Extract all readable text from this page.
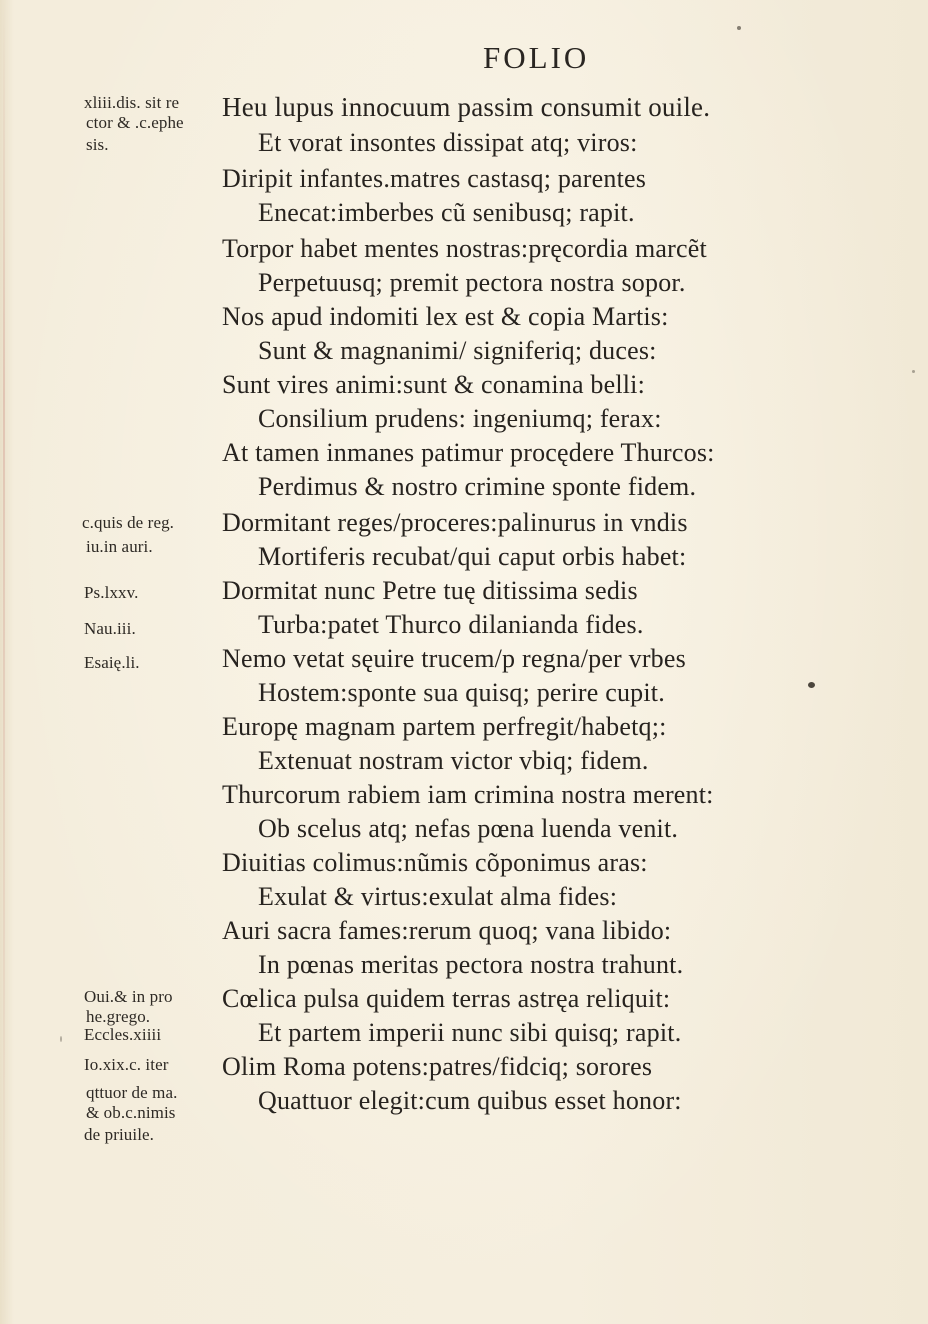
FOLIO
Heu lupus innocuum passim consumit ouile.
Et vorat insontes dissipat atq; viros:
Diripit infantes.matres castasq; parentes
Enecat:imberbes cũ senibusq; rapit.
Torpor habet mentes nostras:pręcordia marcẽt
Perpetuusq; premit pectora nostra sopor.
Nos apud indomiti lex est & copia Martis:
Sunt & magnanimi/ signiferiq; duces:
Sunt vires animi:sunt & conamina belli:
Consilium prudens: ingeniumq; ferax:
At tamen inmanes patimur procędere Thurcos:
Perdimus & nostro crimine sponte fidem.
Dormitant reges/proceres:palinurus in vndis
Mortiferis recubat/qui caput orbis habet:
Dormitat nunc Petre tuę ditissima sedis
Turba:patet Thurco dilanianda fides.
Nemo vetat sęuire trucem/p regna/per vrbes
Hostem:sponte sua quisq; perire cupit.
Europę magnam partem perfregit/habetq;:
Extenuat nostram victor vbiq; fidem.
Thurcorum rabiem iam crimina nostra merent:
Ob scelus atq; nefas pœna luenda venit.
Diuitias colimus:nũmis cõponimus aras:
Exulat & virtus:exulat alma fides:
Auri sacra fames:rerum quoq; vana libido:
In pœnas meritas pectora nostra trahunt.
Cœlica pulsa quidem terras astręa reliquit:
Et partem imperii nunc sibi quisq; rapit.
Olim Roma potens:patres/fidciq; sorores
Quattuor elegit:cum quibus esset honor:
xliii.dis. sit re
ctor & .c.ephe
sis.
c.quis de reg.
iu.in auri.
Ps.lxxv.
Nau.iii.
Esaię.li.
Oui.& in pro
he.grego.
Eccles.xiiii
Io.xix.c. iter
qttuor de ma.
& ob.c.nimis
de priuile.
